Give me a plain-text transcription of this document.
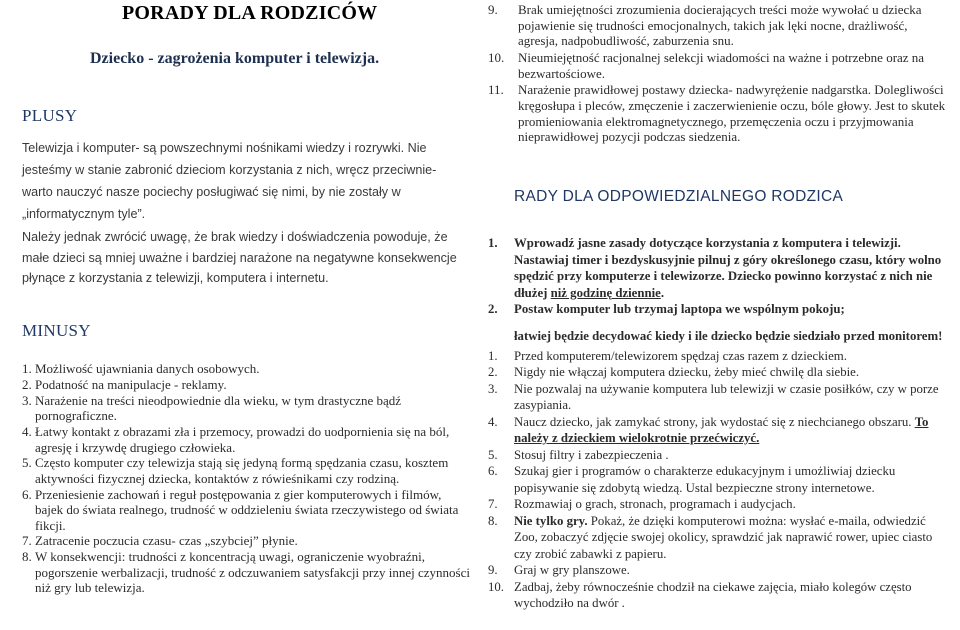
PORADY DLA RODZICÓW
Dziecko - zagrożenia komputer i telewizja.
PLUSY

Telewizja i komputer- są powszechnymi nośnikami wiedzy i rozrywki. Nie jesteśmy w stanie zabronić dzieciom korzystania z nich, wręcz przeciwnie- warto nauczyć nasze pociechy posługiwać się nimi, by nie zostały w „informatycznym tyle”.

Należy jednak zwrócić uwagę, że brak wiedzy i doświadczenia powoduje, że małe dzieci są mniej uważne i bardziej narażone na negatywne konsekwencje płynące z korzystania z telewizji, komputera i internetu.

MINUSY
1. Możliwość ujawniania danych osobowych.
2. Podatność na manipulacje - reklamy.
3. Narażenie na treści nieodpowiednie dla wieku, w tym drastyczne bądź pornograficzne.
4. Łatwy kontakt z obrazami zła i przemocy, prowadzi do uodpornienia się na ból, agresję i krzywdę drugiego człowieka.
5. Często komputer czy telewizja stają się jedyną formą spędzania czasu, kosztem aktywności fizycznej dziecka, kontaktów z rówieśnikami czy rodziną.
6. Przeniesienie zachowań i reguł postępowania z gier komputerowych i filmów, bajek do świata realnego, trudność w oddzieleniu świata rzeczywistego od świata fikcji.
7. Zatracenie poczucia czasu- czas „szybciej” płynie.
8. W konsekwencji: trudności z koncentracją uwagi, ograniczenie wyobraźni, pogorszenie werbalizacji, trudność z odczuwaniem satysfakcji przy innej czynności niż gry lub telewizja.
9.	Brak umiejętności zrozumienia docierających treści może wywołać u dziecka pojawienie się trudności emocjonalnych, takich jak lęki nocne, drażliwość, agresja, nadpobudliwość, zaburzenia snu.
10.	Nieumiejętność racjonalnej selekcji wiadomości na ważne i potrzebne oraz na bezwartościowe.
11.	Narażenie prawidłowej postawy dziecka- nadwyrężenie nadgarstka. Dolegliwości kręgosłupa i pleców, zmęczenie i zaczerwienienie oczu, bóle głowy. Jest to skutek promieniowania elektromagnetycznego, przemęczenia oczu i przyjmowania nieprawidłowej pozycji podczas siedzenia.
RADY DLA ODPOWIEDZIALNEGO RODZICA
1.	Wprowadź jasne zasady dotyczące korzystania z komputera i telewizji. Nastawiaj timer i bezdyskusyjnie pilnuj z góry określonego czasu, który wolno spędzić przy komputerze i telewizorze. Dziecko powinno korzystać z nich nie dłużej niż godzinę dziennie.
2.	Postaw komputer lub trzymaj laptopa we wspólnym pokoju;
łatwiej będzie decydować kiedy i ile dziecko będzie siedziało przed monitorem!
1.	Przed komputerem/telewizorem spędzaj czas razem z dzieckiem.
2.	Nigdy nie włączaj komputera dziecku, żeby mieć chwilę dla siebie.
3.	Nie pozwalaj na używanie komputera lub telewizji w czasie posiłków, czy w porze zasypiania.
4.	Naucz dziecko, jak zamykać strony, jak wydostać się z niechcianego obszaru. To należy z dzieckiem wielokrotnie przećwiczyć.
5.	Stosuj filtry i zabezpieczenia .
6.	Szukaj gier i programów o charakterze edukacyjnym i umożliwiaj dziecku popisywanie się zdobytą wiedzą. Ustal bezpieczne strony internetowe.
7.	Rozmawiaj o grach, stronach, programach i audycjach.
8.	Nie tylko gry. Pokaż, że dzięki komputerowi można: wysłać e-maila, odwiedzić Zoo, zobaczyć zdjęcie swojej okolicy, sprawdzić jak naprawić rower, upiec ciasto czy zrobić zabawki z papieru.
9.	Graj w gry planszowe.
10. Zadbaj, żeby równocześnie chodził na ciekawe zajęcia, miało kolegów często wychodziło na dwór .
